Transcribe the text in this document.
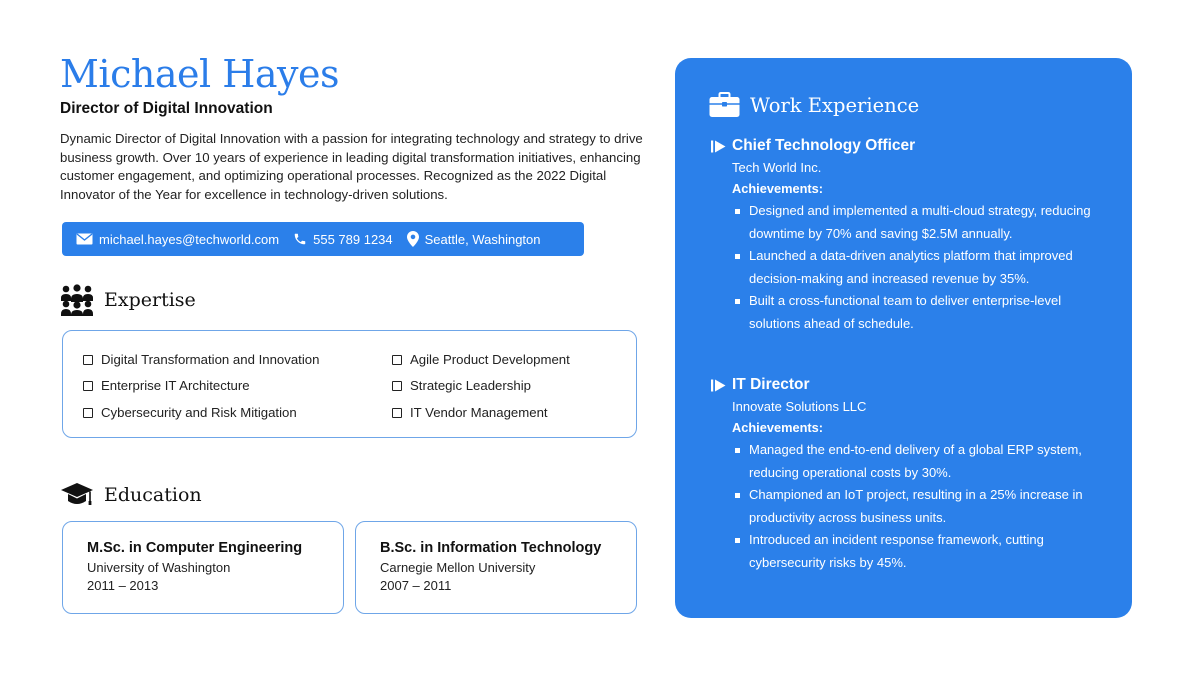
Michael Hayes
Director of Digital Innovation
Dynamic Director of Digital Innovation with a passion for integrating technology and strategy to drive business growth. Over 10 years of experience in leading digital transformation initiatives, enhancing customer engagement, and optimizing operational processes. Recognized as the 2022 Digital Innovator of the Year for excellence in technology-driven solutions.
michael.hayes@techworld.com	555 789 1234 Seattle, Washington
Expertise
Digital Transformation and Innovation	Agile Product Development
Enterprise IT Architecture	Strategic Leadership
Cybersecurity and Risk Mitigation	IT Vendor Management
Education
M.Sc. in Computer Engineering
University of Washington
2011 – 2013
B.Sc. in Information Technology
Carnegie Mellon University
2007 – 2011
Work Experience
Chief Technology Officer
Tech World Inc.
Achievements:
Designed and implemented a multi-cloud strategy, reducing downtime by 70% and saving $2.5M annually.
Launched a data-driven analytics platform that improved decision-making and increased revenue by 35%.
Built a cross-functional team to deliver enterprise-level solutions ahead of schedule.
IT Director
Innovate Solutions LLC
Achievements:
Managed the end-to-end delivery of a global ERP system, reducing operational costs by 30%.
Championed an IoT project, resulting in a 25% increase in productivity across business units.
Introduced an incident response framework, cutting cybersecurity risks by 45%.
